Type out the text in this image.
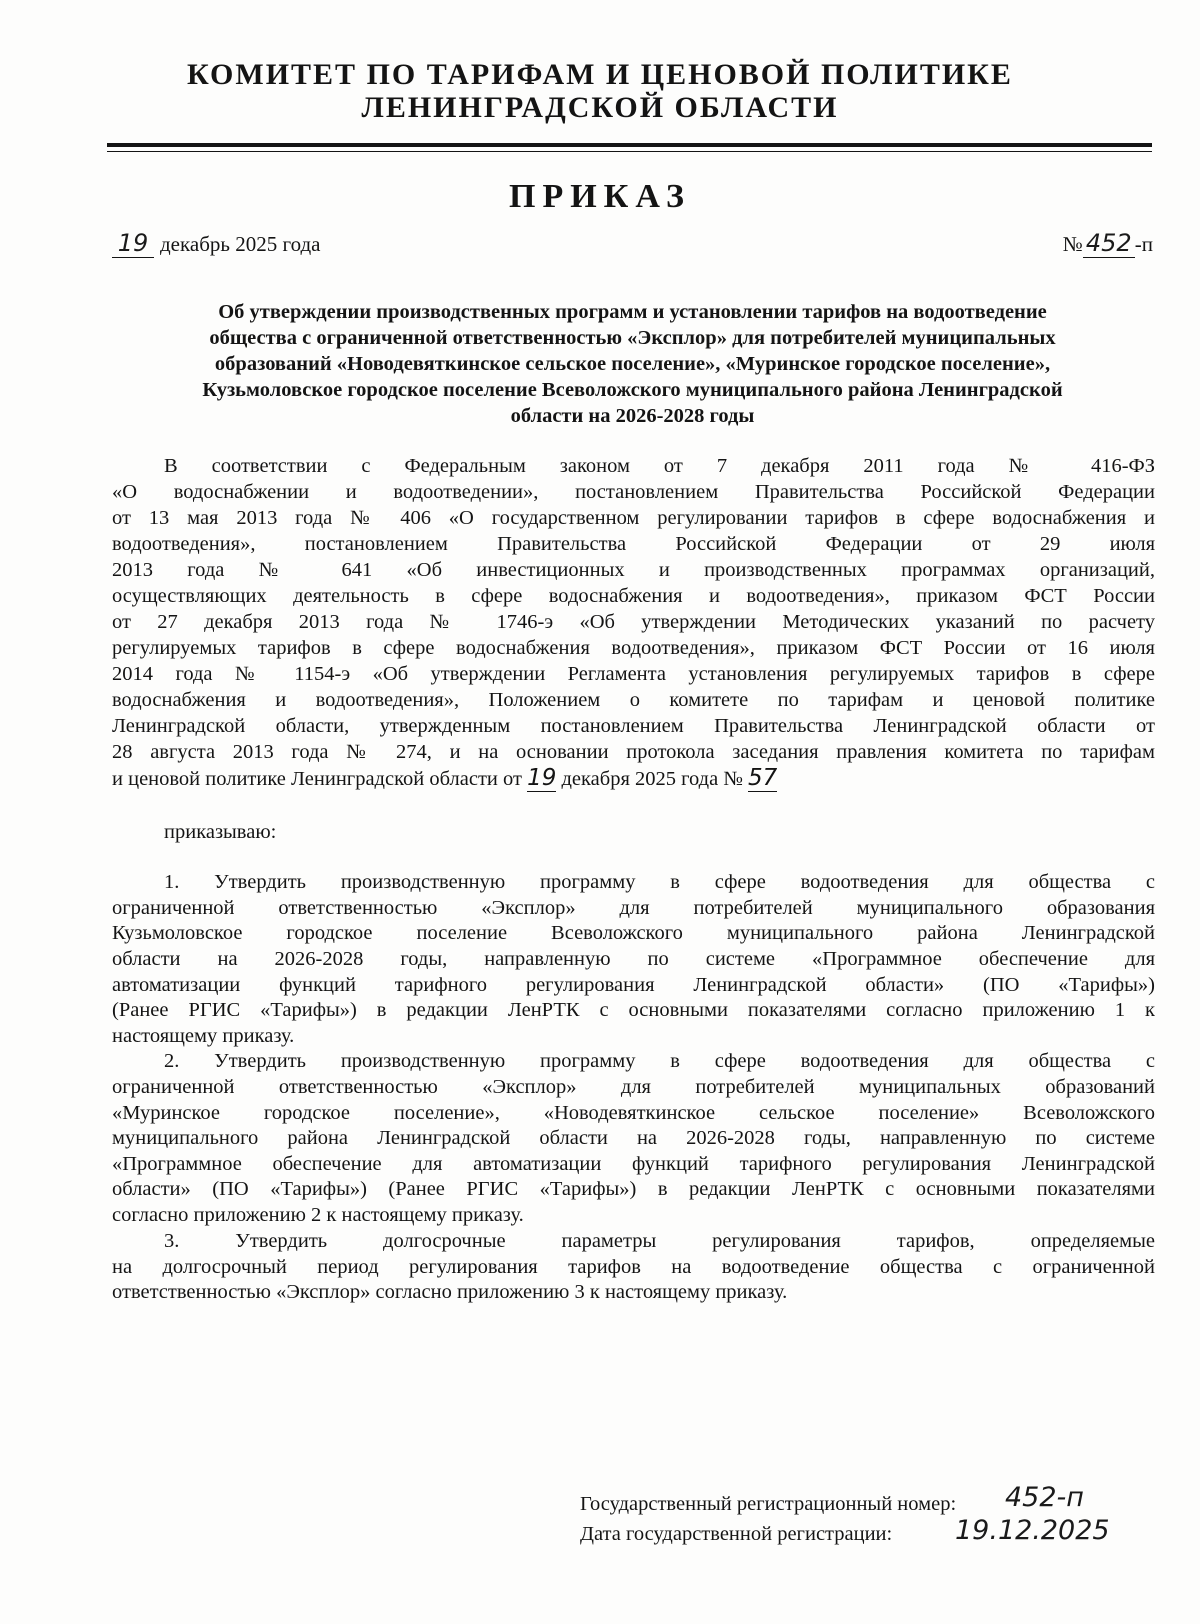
КОМИТЕТ ПО ТАРИФАМ И ЦЕНОВОЙ ПОЛИТИКЕ
ЛЕНИНГРАДСКОЙ ОБЛАСТИ
ПРИКАЗ
19 декабрь 2025 года	№ 452 -п
Об утверждении производственных программ и установлении тарифов на водоотведение
общества с ограниченной ответственностью «Эксплор» для потребителей муниципальных
образований «Новодевяткинское сельское поселение», «Муринское городское поселение»,
Кузьмоловское городское поселение Всеволожского муниципального района Ленинградской
области на 2026-2028 годы
В соответствии с Федеральным законом от 7 декабря 2011 года № 416-ФЗ
«О водоснабжении и водоотведении», постановлением Правительства Российской Федерации
от 13 мая 2013 года № 406 «О государственном регулировании тарифов в сфере водоснабжения и
водоотведения», постановлением Правительства Российской Федерации от 29 июля
2013 года № 641 «Об инвестиционных и производственных программах организаций,
осуществляющих деятельность в сфере водоснабжения и водоотведения», приказом ФСТ России
от 27 декабря 2013 года № 1746-э «Об утверждении Методических указаний по расчету
регулируемых тарифов в сфере водоснабжения водоотведения», приказом ФСТ России от 16 июля
2014 года № 1154-э «Об утверждении Регламента установления регулируемых тарифов в сфере
водоснабжения и водоотведения», Положением о комитете по тарифам и ценовой политике
Ленинградской области, утвержденным постановлением Правительства Ленинградской области от
28 августа 2013 года № 274, и на основании протокола заседания правления комитета по тарифам
и ценовой политике Ленинградской области от 19 декабря 2025 года № 57
приказываю:
1. Утвердить производственную программу в сфере водоотведения для общества с
ограниченной ответственностью «Эксплор» для потребителей муниципального образования
Кузьмоловское городское поселение Всеволожского муниципального района Ленинградской
области на 2026-2028 годы, направленную по системе «Программное обеспечение для
автоматизации функций тарифного регулирования Ленинградской области» (ПО «Тарифы»)
(Ранее РГИС «Тарифы») в редакции ЛенРТК с основными показателями согласно приложению 1 к
настоящему приказу.
2. Утвердить производственную программу в сфере водоотведения для общества с
ограниченной ответственностью «Эксплор» для потребителей муниципальных образований
«Муринское городское поселение», «Новодевяткинское сельское поселение» Всеволожского
муниципального района Ленинградской области на 2026-2028 годы, направленную по системе
«Программное обеспечение для автоматизации функций тарифного регулирования Ленинградской
области» (ПО «Тарифы») (Ранее РГИС «Тарифы») в редакции ЛенРТК с основными показателями
согласно приложению 2 к настоящему приказу.
3. Утвердить долгосрочные параметры регулирования тарифов, определяемые
на долгосрочный период регулирования тарифов на водоотведение общества с ограниченной
ответственностью «Эксплор» согласно приложению 3 к настоящему приказу.
Государственный регистрационный номер: 452-п
Дата государственной регистрации: 19.12.2025
